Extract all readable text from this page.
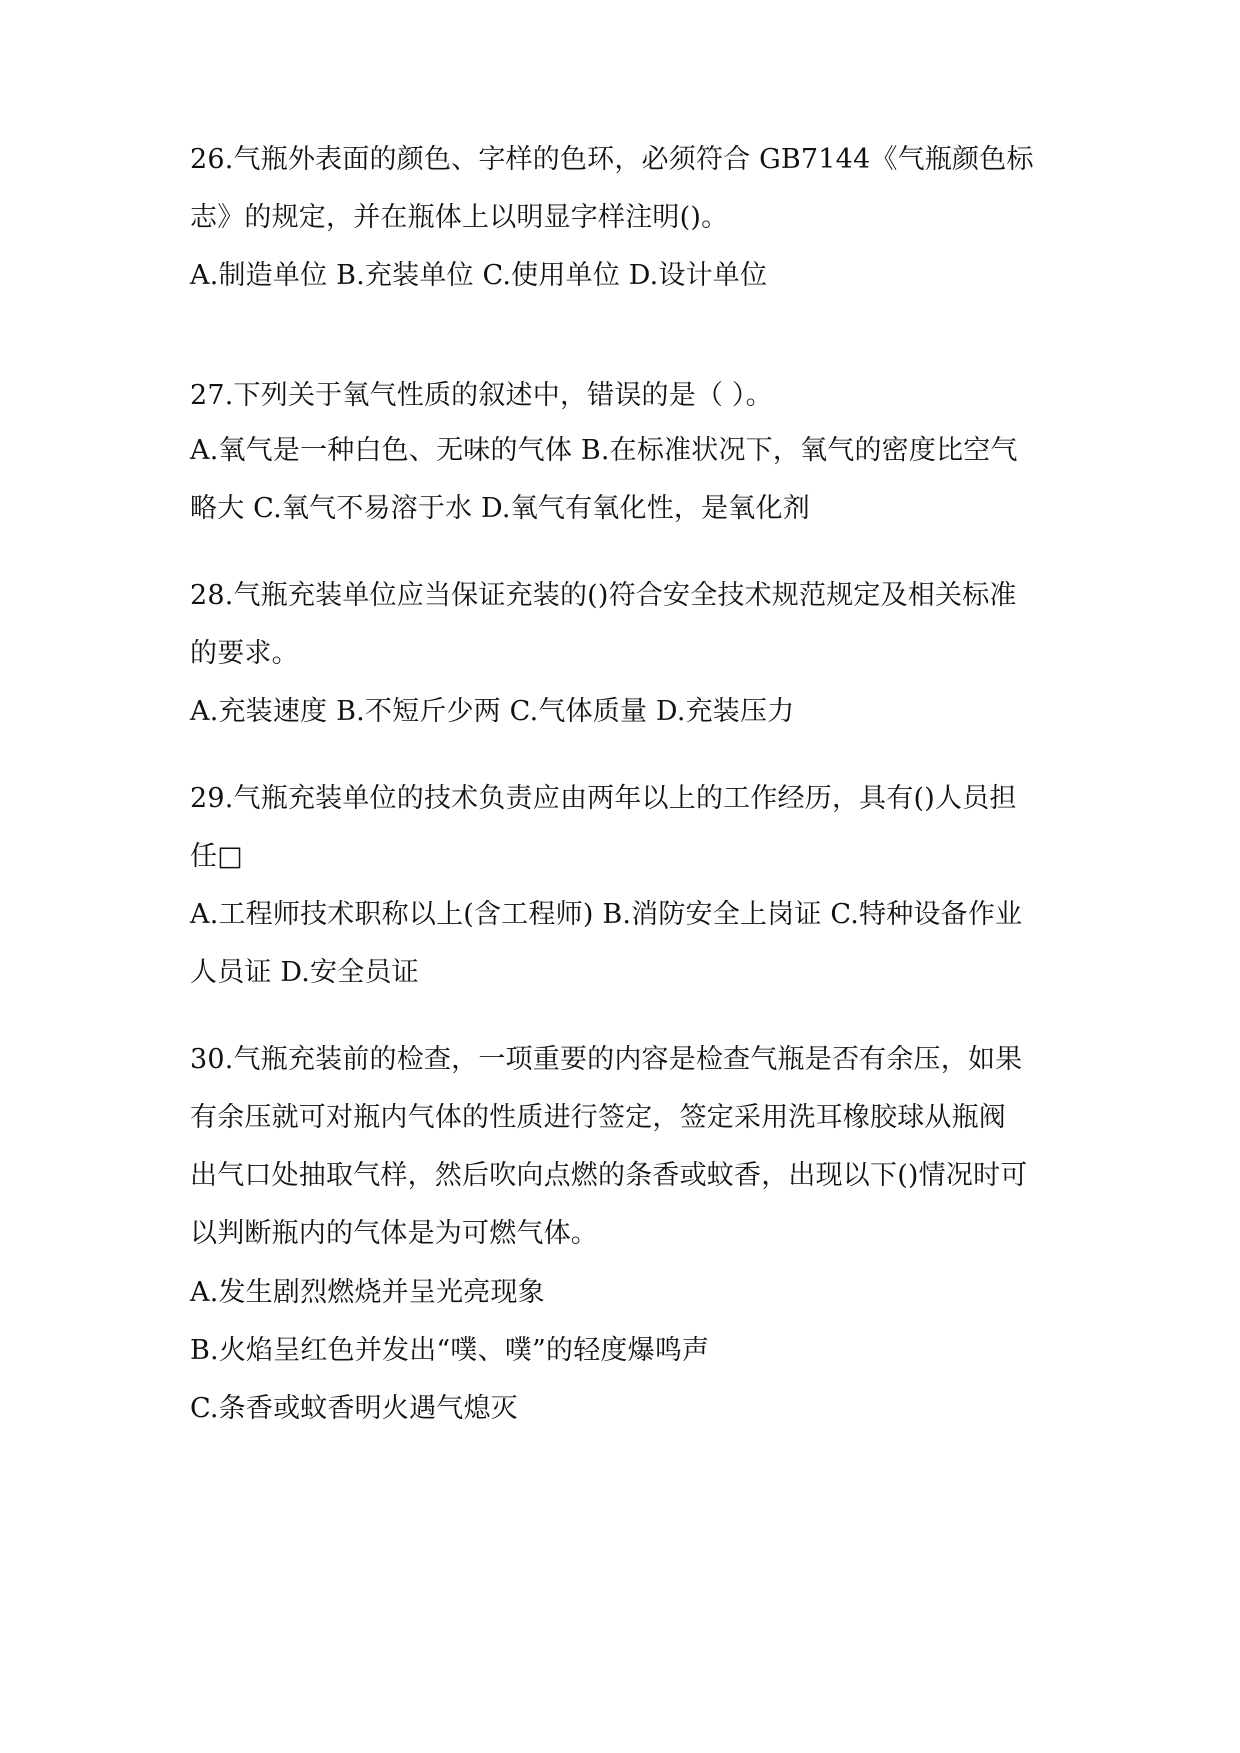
26.气瓶外表面的颜色、字样的色环，必须符合 GB7144《气瓶颜色标
志》的规定，并在瓶体上以明显字样注明()。
A.制造单位 B.充装单位 C.使用单位 D.设计单位
27.下列关于氧气性质的叙述中，错误的是（ ）。
A.氧气是一种白色、无味的气体 B.在标准状况下，氧气的密度比空气
略大 C.氧气不易溶于水 D.氧气有氧化性，是氧化剂
28.气瓶充装单位应当保证充装的()符合安全技术规范规定及相关标准
的要求。
A.充装速度 B.不短斤少两 C.气体质量 D.充装压力
29.气瓶充装单位的技术负责应由两年以上的工作经历，具有()人员担
任□
A.工程师技术职称以上(含工程师) B.消防安全上岗证 C.特种设备作业
人员证 D.安全员证
30.气瓶充装前的检查，一项重要的内容是检查气瓶是否有余压，如果
有余压就可对瓶内气体的性质进行签定，签定采用洗耳橡胶球从瓶阀
出气口处抽取气样，然后吹向点燃的条香或蚊香，出现以下()情况时可
以判断瓶内的气体是为可燃气体。
A.发生剧烈燃烧并呈光亮现象
B.火焰呈红色并发出“噗、噗”的轻度爆鸣声
C.条香或蚊香明火遇气熄灭
